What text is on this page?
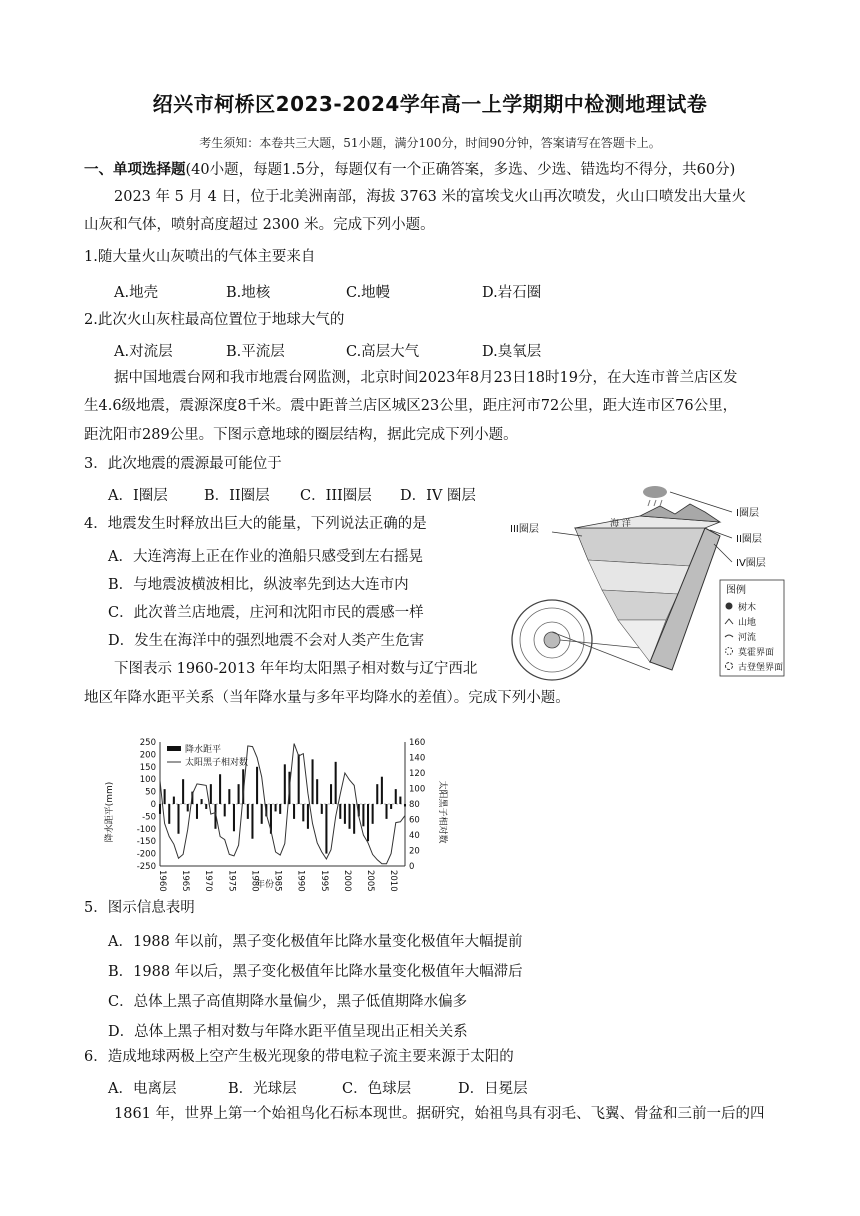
绍兴市柯桥区2023-2024学年高一上学期期中检测地理试卷
考生须知：本卷共三大题，51小题，满分100分，时间90分钟，答案请写在答题卡上。
一、单项选择题(40小题，每题1.5分，每题仅有一个正确答案，多选、少选、错选均不得分，共60分)
2023 年 5 月 4 日，位于北美洲南部，海拔 3763 米的富埃戈火山再次喷发，火山口喷发出大量火
山灰和气体，喷射高度超过 2300 米。完成下列小题。
1.随大量火山灰喷出的气体主要来自
A.地壳	B.地核	C.地幔	D.岩石圈
2.此次火山灰柱最高位置位于地球大气的
A.对流层	B.平流层	C.高层大气	D.臭氧层
据中国地震台网和我市地震台网监测，北京时间2023年8月23日18时19分，在大连市普兰店区发
生4.6级地震，震源深度8千米。震中距普兰店区城区23公里，距庄河市72公里，距大连市区76公里，
距沈阳市289公里。下图示意地球的圈层结构，据此完成下列小题。
3．此次地震的震源最可能位于
A．I圈层	B．II圈层 C．III圈层 D．IV 圈层
4．地震发生时释放出巨大的能量，下列说法正确的是
A．大连湾海上正在作业的渔船只感受到左右摇晃
B．与地震波横波相比，纵波率先到达大连市内
C．此次普兰店地震，庄河和沈阳市民的震感一样
D．发生在海洋中的强烈地震不会对人类产生危害
下图表示 1960-2013 年年均太阳黑子相对数与辽宁西北
地区年降水距平关系（当年降水量与多年平均降水的差值）。完成下列小题。
海 洋
I圈层
II圈层
III圈层
IV圈层
图例
树木
山地
河流
莫霍界面
古登堡界面
250
200
150
100
50
0
-50
-100
-150
-200
-250
160
140
120
100
80
60
40
20
0
1960 1965 1970 1975 1980 1985 1990 1995 2000 2005 2010
降水距平
太阳黑子相对数
年份
降水距平(mm)	太阳黑子相对数
5．图示信息表明
A．1988 年以前，黑子变化极值年比降水量变化极值年大幅提前
B．1988 年以后，黑子变化极值年比降水量变化极值年大幅滞后
C．总体上黑子高值期降水量偏少，黑子低值期降水偏多
D．总体上黑子相对数与年降水距平值呈现出正相关关系
6．造成地球两极上空产生极光现象的带电粒子流主要来源于太阳的
A．电离层	B．光球层	C．色球层	D．日冕层
1861 年，世界上第一个始祖鸟化石标本现世。据研究，始祖鸟具有羽毛、飞翼、骨盆和三前一后的四
